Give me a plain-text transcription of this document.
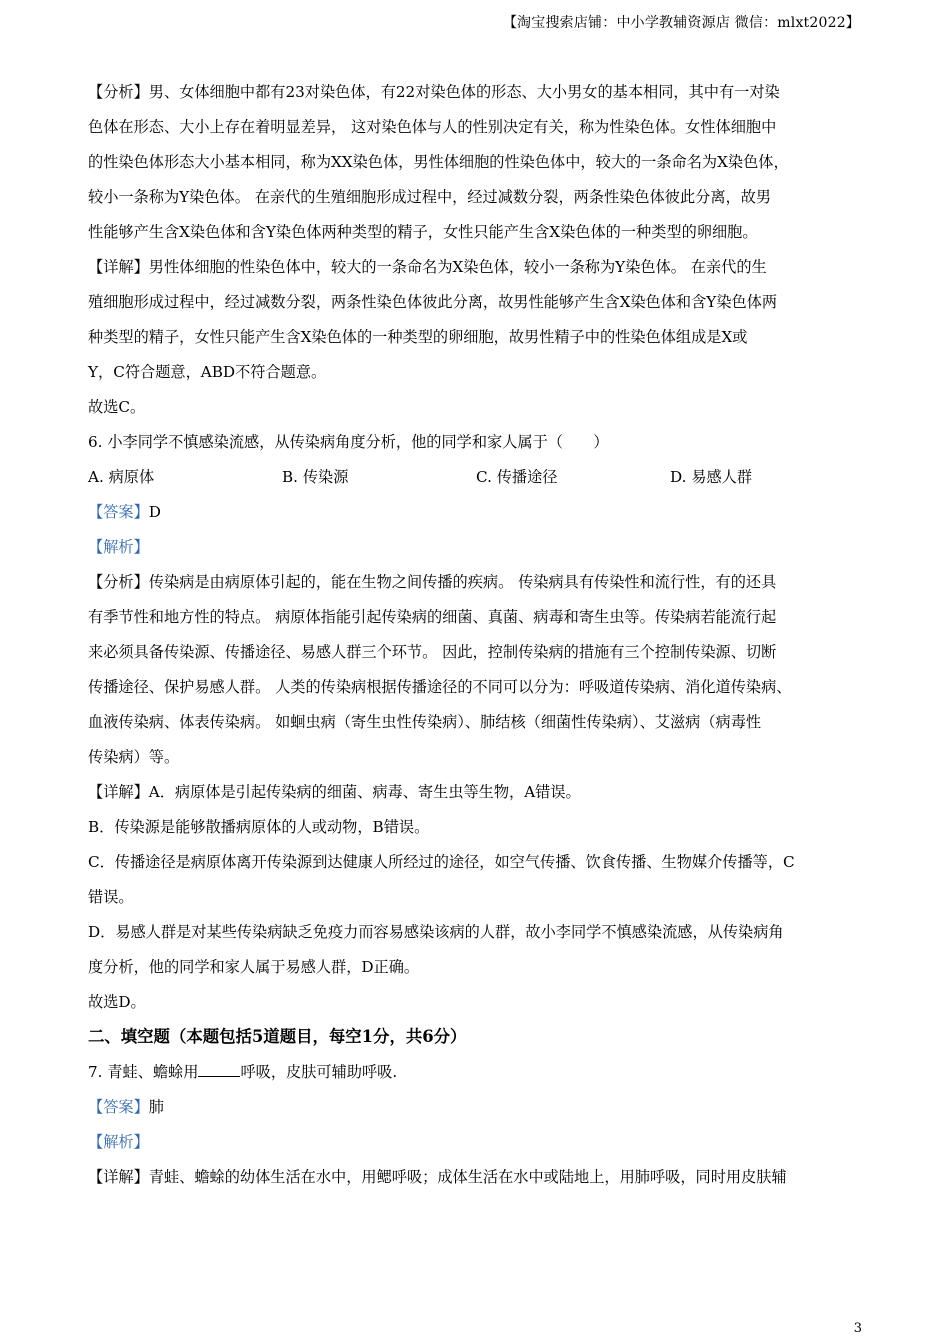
【淘宝搜索店铺：中小学教辅资源店 微信：mlxt2022】
【分析】男、女体细胞中都有23对染色体，有22对染色体的形态、大小男女的基本相同，其中有一对染
色体在形态、大小上存在着明显差异， 这对染色体与人的性别决定有关，称为性染色体。女性体细胞中
的性染色体形态大小基本相同，称为XX染色体，男性体细胞的性染色体中，较大的一条命名为X染色体，
较小一条称为Y染色体。 在亲代的生殖细胞形成过程中，经过减数分裂，两条性染色体彼此分离，故男
性能够产生含X染色体和含Y染色体两种类型的精子，女性只能产生含X染色体的一种类型的卵细胞。
【详解】男性体细胞的性染色体中，较大的一条命名为X染色体，较小一条称为Y染色体。 在亲代的生
殖细胞形成过程中，经过减数分裂，两条性染色体彼此分离，故男性能够产生含X染色体和含Y染色体两
种类型的精子，女性只能产生含X染色体的一种类型的卵细胞，故男性精子中的性染色体组成是X或
Y，C符合题意，ABD不符合题意。
故选C。
6. 小李同学不慎感染流感，从传染病角度分析，他的同学和家人属于（　　）
A. 病原体	B. 传染源	C. 传播途径	D. 易感人群
【答案】D
【解析】
【分析】传染病是由病原体引起的，能在生物之间传播的疾病。 传染病具有传染性和流行性，有的还具
有季节性和地方性的特点。 病原体指能引起传染病的细菌、真菌、病毒和寄生虫等。传染病若能流行起
来必须具备传染源、传播途径、易感人群三个环节。 因此，控制传染病的措施有三个控制传染源、切断
传播途径、保护易感人群。 人类的传染病根据传播途径的不同可以分为：呼吸道传染病、消化道传染病、
血液传染病、体表传染病。 如蛔虫病（寄生虫性传染病）、肺结核（细菌性传染病）、艾滋病（病毒性
传染病）等。
【详解】A．病原体是引起传染病的细菌、病毒、寄生虫等生物，A错误。
B．传染源是能够散播病原体的人或动物，B错误。
C．传播途径是病原体离开传染源到达健康人所经过的途径，如空气传播、饮食传播、生物媒介传播等，C
错误。
D．易感人群是对某些传染病缺乏免疫力而容易感染该病的人群，故小李同学不慎感染流感，从传染病角
度分析，他的同学和家人属于易感人群，D正确。
故选D。
二、填空题（本题包括5道题目，每空1分，共6分）
7. 青蛙、蟾蜍用	呼吸，皮肤可辅助呼吸.
【答案】肺
【解析】
【详解】青蛙、蟾蜍的幼体生活在水中，用鳃呼吸；成体生活在水中或陆地上，用肺呼吸，同时用皮肤辅
3
